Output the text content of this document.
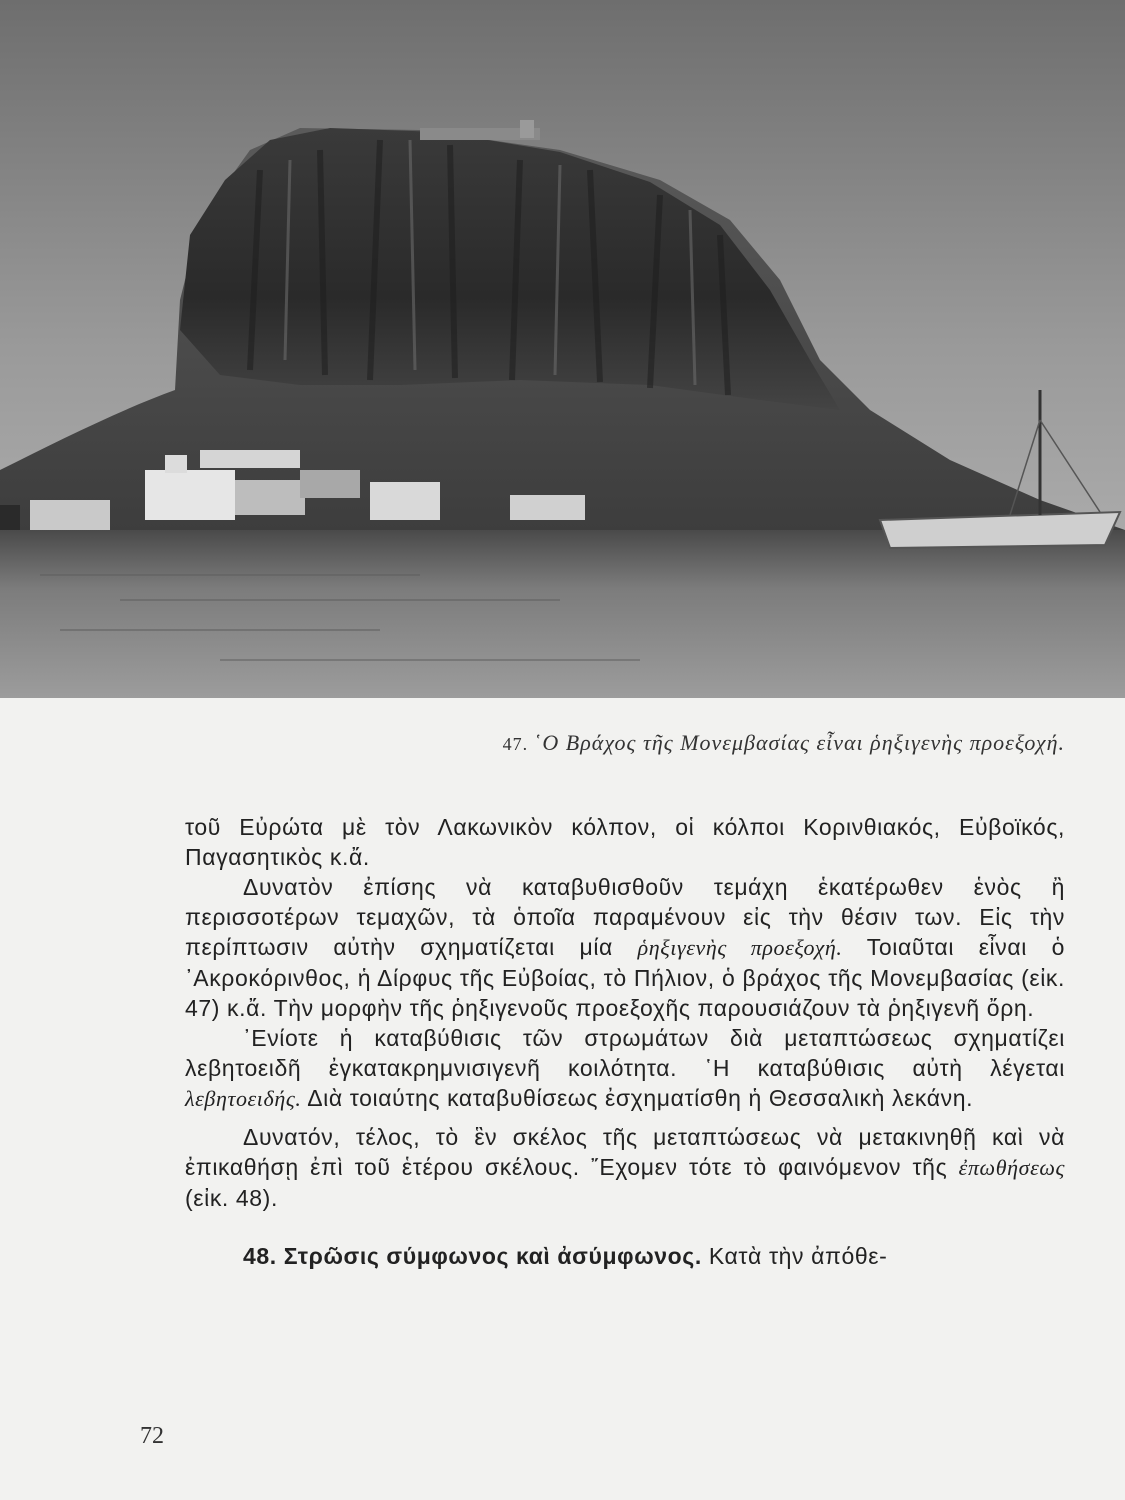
47. ῾Ο Βράχος τῆς Μονεμβασίας εἶναι ῥηξιγενὴς προεξοχή.

τοῦ Εὐρώτα μὲ τὸν Λακωνικὸν κόλπον, οἱ κόλποι Κορινθιακός, Εὐβοϊκός, Παγασητικὸς κ.ἄ.

Δυνατὸν ἐπίσης νὰ καταβυθισθοῦν τεμάχη ἑκατέρωθεν ἑνὸς ἢ περισσοτέρων τεμαχῶν, τὰ ὁποῖα παραμένουν εἰς τὴν θέσιν των. Εἰς τὴν περίπτωσιν αὐτὴν σχηματίζεται μία ῥηξιγενὴς προεξοχή. Τοιαῦται εἶναι ὁ ᾿Ακροκόρινθος, ἡ Δίρφυς τῆς Εὐβοίας, τὸ Πήλιον, ὁ βράχος τῆς Μονεμβασίας (εἰκ. 47) κ.ἄ. Τὴν μορφὴν τῆς ῥηξιγενοῦς προεξοχῆς παρουσιάζουν τὰ ῥηξιγενῆ ὄρη.

᾿Ενίοτε ἡ καταβύθισις τῶν στρωμάτων διὰ μεταπτώσεως σχηματίζει λεβητοειδῆ ἐγκατακρημνισιγενῆ κοιλότητα. ῾Η καταβύθισις αὐτὴ λέγεται λεβητοειδής. Διὰ τοιαύτης καταβυθίσεως ἐσχηματίσθη ἡ Θεσσαλικὴ λεκάνη.

Δυνατόν, τέλος, τὸ ἓν σκέλος τῆς μεταπτώσεως νὰ μετακινηθῇ καὶ νὰ ἐπικαθήσῃ ἐπὶ τοῦ ἑτέρου σκέλους. ῎Εχομεν τότε τὸ φαινόμενον τῆς ἐπωθήσεως (εἰκ. 48).

48. Στρῶσις σύμφωνος καὶ ἀσύμφωνος. Κατὰ τὴν ἀπόθε-

72
